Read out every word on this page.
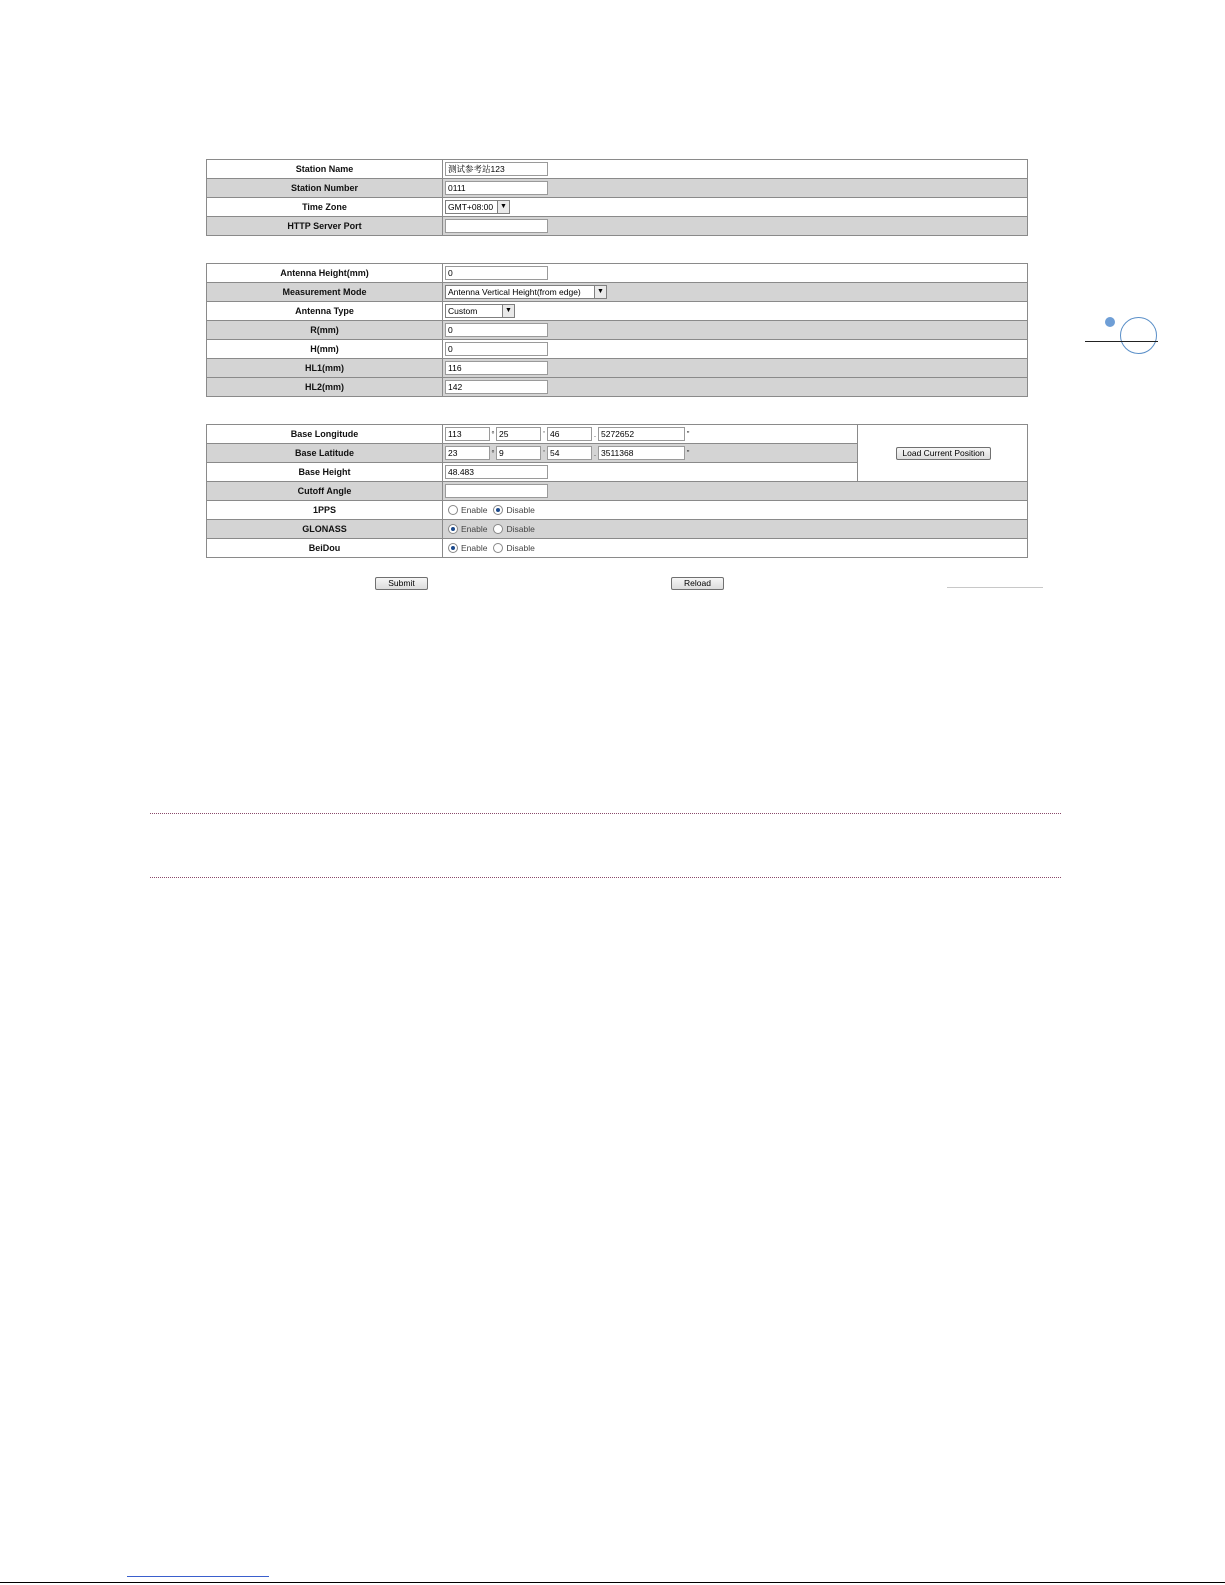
Station Name	测试参考站123
Station Number	0111
Time Zone	GMT+08:00 ▼

HTTP Server Port	
Antenna Height(mm)	0
Measurement Mode	Antenna Vertical Height(from edge) ▼

Antenna Type	Custom ▼

R(mm)	0
H(mm)	0
HL1(mm)	116
HL2(mm)	142
Base Longitude	113 ° 25 ' 46 . 5272652 "	Load Current Position
Base Latitude	23 ° 9 ' 54 . 3511368 "	
Base Height	48.483	
Cutoff Angle		
1PPS	Enable Disable	
GLONASS	Enable Disable	
BeiDou	Enable Disable	
Submit	Reload
